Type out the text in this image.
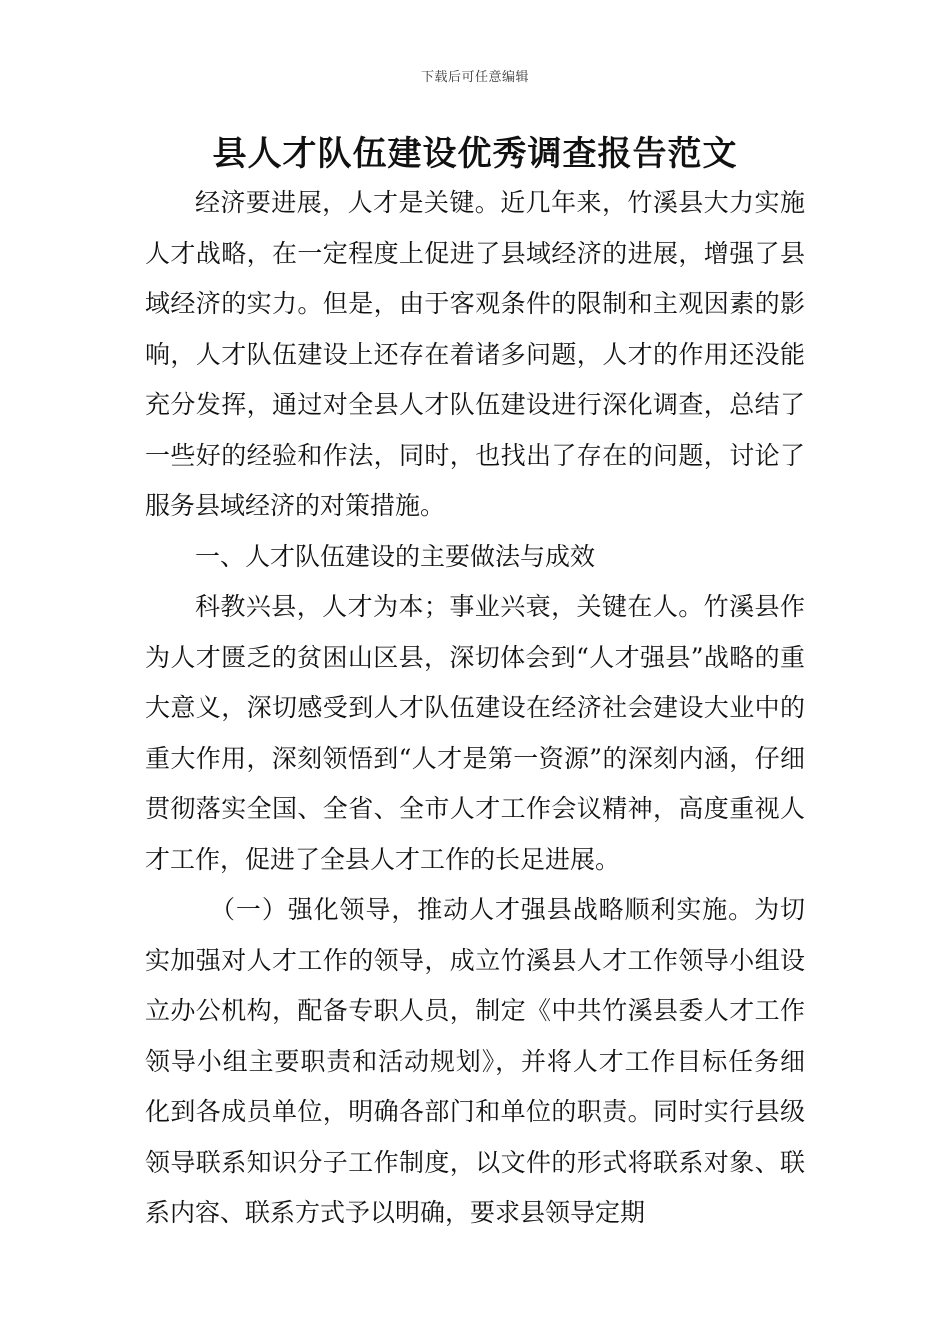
下载后可任意编辑
县人才队伍建设优秀调查报告范文

经济要进展，人才是关键。近几年来，竹溪县大力实施人才战略，在一定程度上促进了县域经济的进展，增强了县域经济的实力。但是，由于客观条件的限制和主观因素的影响，人才队伍建设上还存在着诸多问题，人才的作用还没能充分发挥，通过对全县人才队伍建设进行深化调查，总结了一些好的经验和作法，同时，也找出了存在的问题，讨论了服务县域经济的对策措施。

一、人才队伍建设的主要做法与成效

科教兴县，人才为本；事业兴衰，关键在人。竹溪县作为人才匮乏的贫困山区县，深切体会到“人才强县”战略的重大意义，深切感受到人才队伍建设在经济社会建设大业中的重大作用，深刻领悟到“人才是第一资源”的深刻内涵，仔细贯彻落实全国、全省、全市人才工作会议精神，高度重视人才工作，促进了全县人才工作的长足进展。

（一）强化领导，推动人才强县战略顺利实施。为切实加强对人才工作的领导，成立竹溪县人才工作领导小组设立办公机构，配备专职人员，制定《中共竹溪县委人才工作领导小组主要职责和活动规划》，并将人才工作目标任务细化到各成员单位，明确各部门和单位的职责。同时实行县级领导联系知识分子工作制度，以文件的形式将联系对象、联系内容、联系方式予以明确，要求县领导定期
